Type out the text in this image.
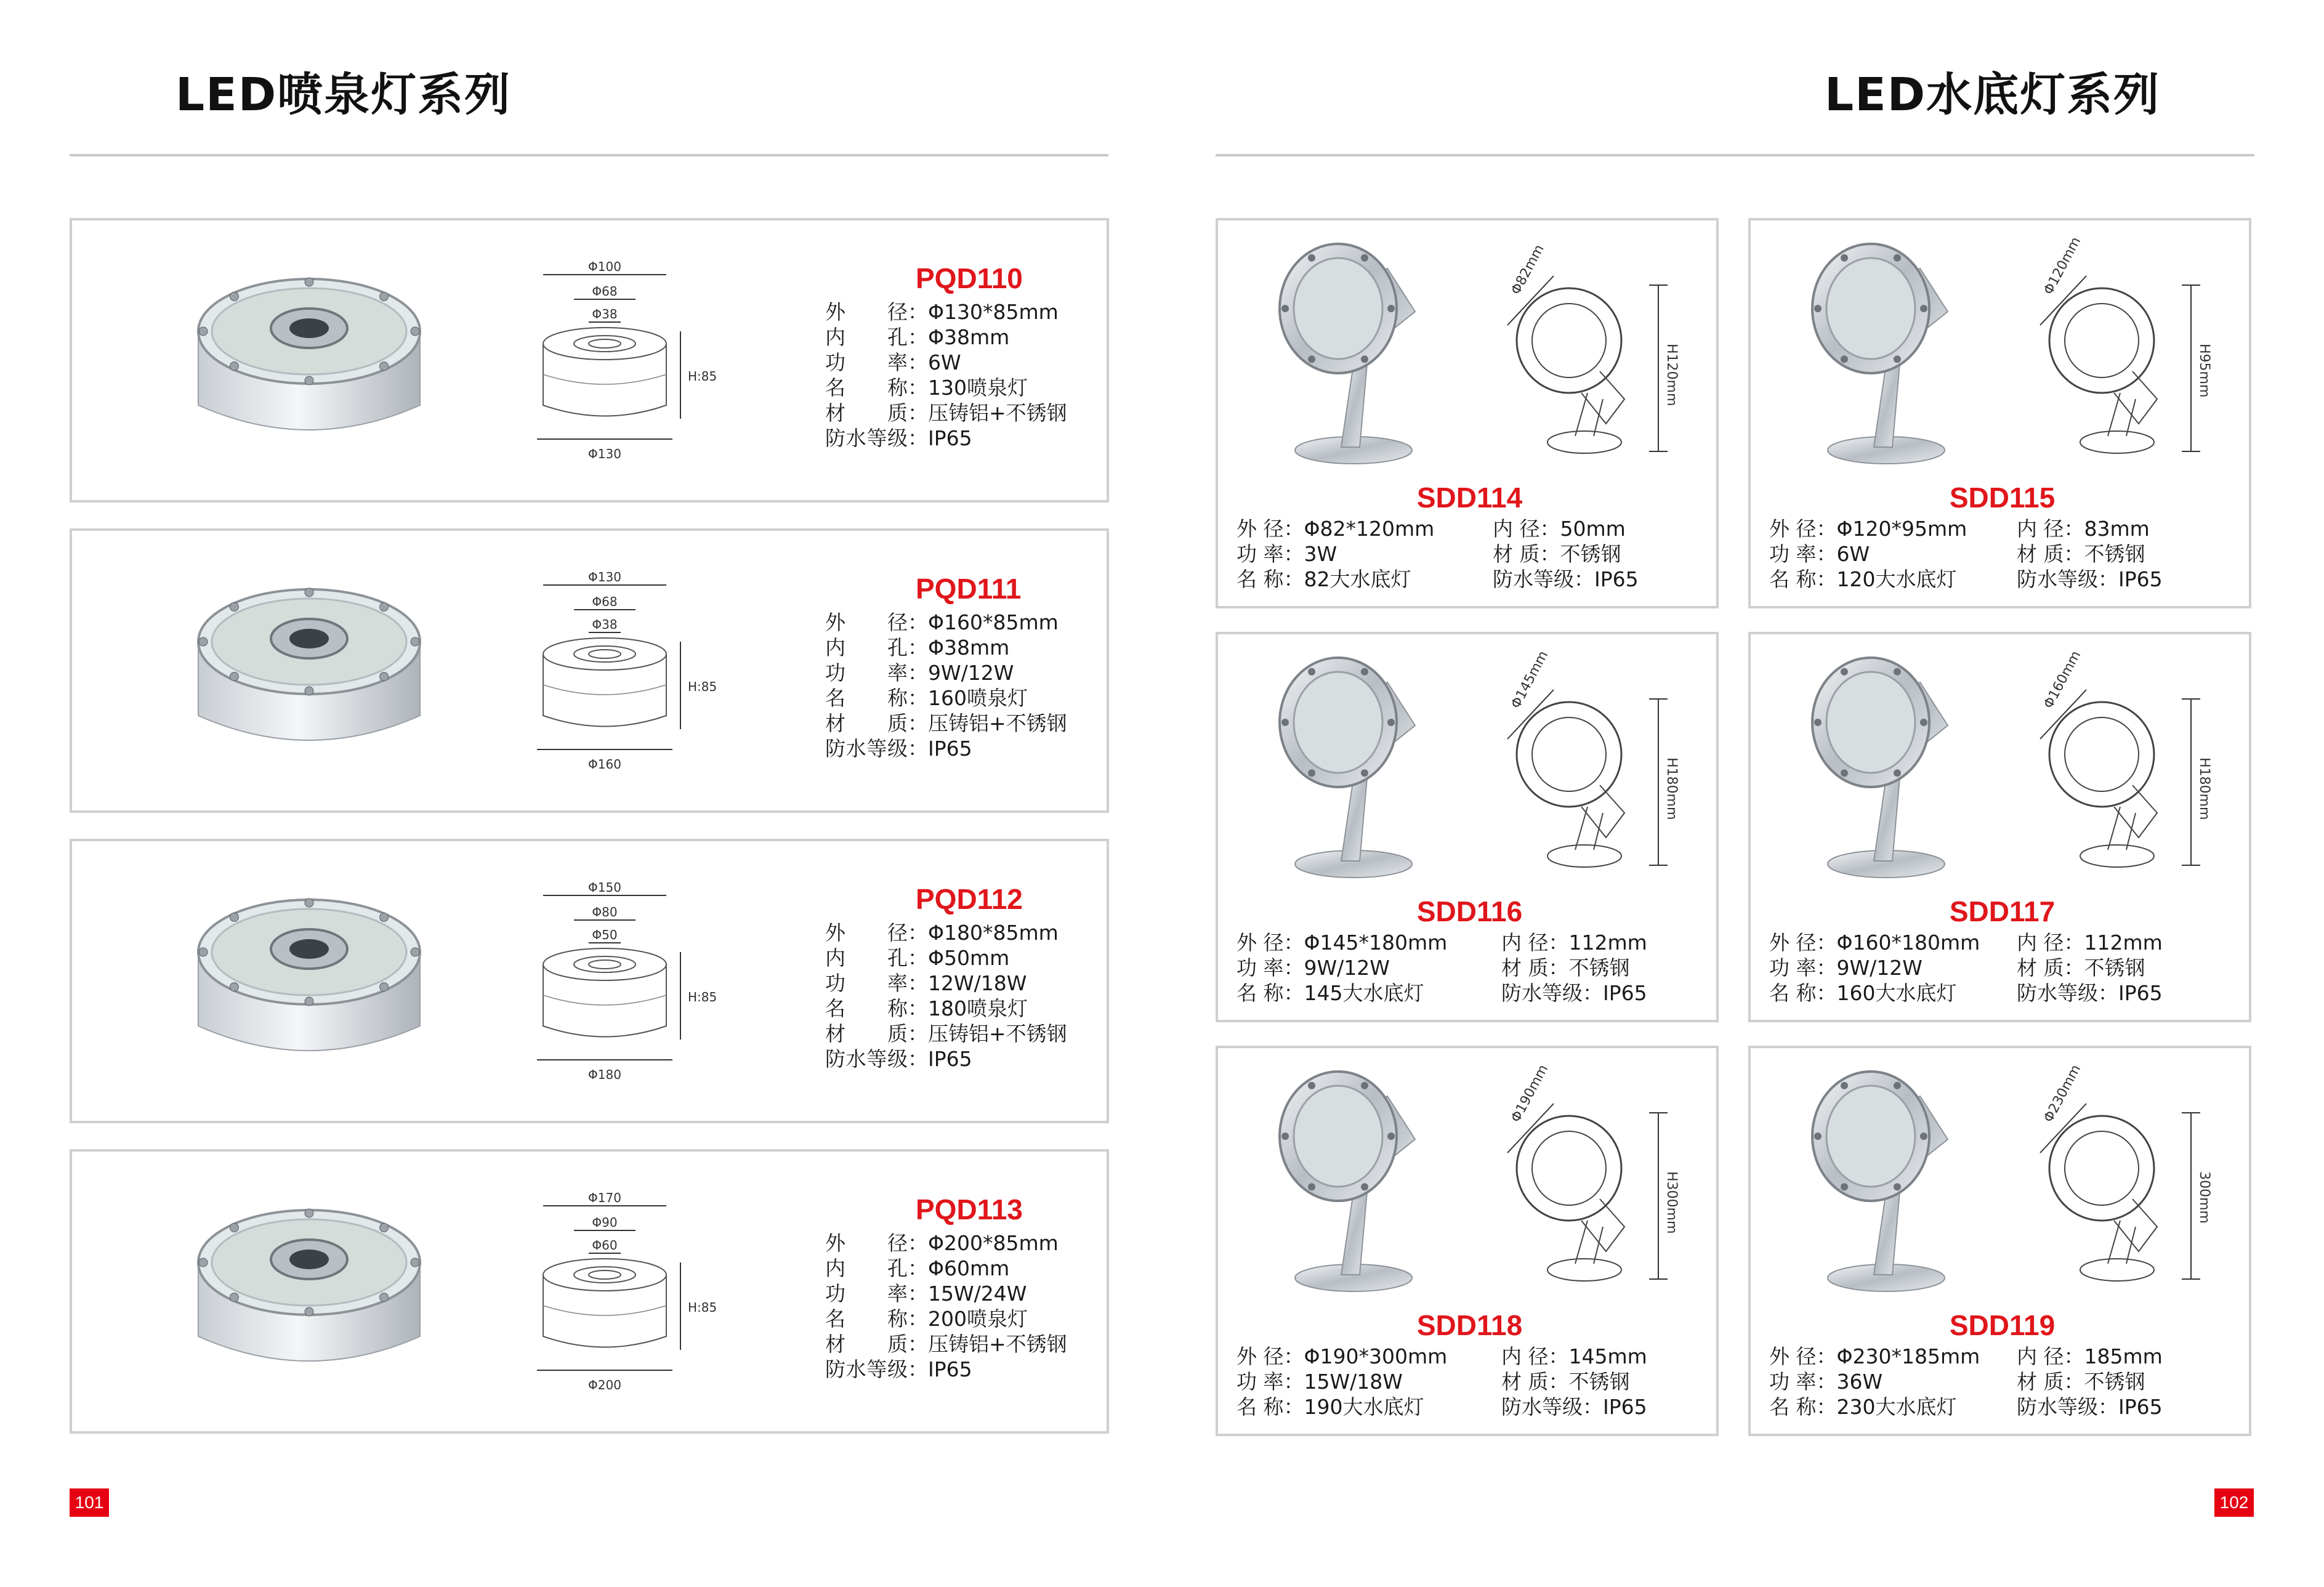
LED喷泉灯系列
Φ100
Φ68
Φ38
H:85
Φ130
PQD110
外　　径 ： Φ130*85mm
内　　孔 ： Φ38mm
功　　率 ： 6W
名　　称 ： 130喷泉灯
材　　质 ： 压铸铝+不锈钢
防水等级 ： IP65
Φ130
Φ68
Φ38
H:85
Φ160
PQD111
外　　径 ： Φ160*85mm
内　　孔 ： Φ38mm
功　　率 ： 9W/12W
名　　称 ： 160喷泉灯
材　　质 ： 压铸铝+不锈钢
防水等级 ： IP65
Φ150
Φ80
Φ50
H:85
Φ180
PQD112
外　　径 ： Φ180*85mm
内　　孔 ： Φ50mm
功　　率 ： 12W/18W
名　　称 ： 180喷泉灯
材　　质 ： 压铸铝+不锈钢
防水等级 ： IP65
Φ170
Φ90
Φ60
H:85
Φ200
PQD113
外　　径 ： Φ200*85mm
内　　孔 ： Φ60mm
功　　率 ： 15W/24W
名　　称 ： 200喷泉灯
材　　质 ： 压铸铝+不锈钢
防水等级 ： IP65
101
LED水底灯系列
Φ82mm
H120mm
SDD114
外 径 ： Φ82*120mm
功 率 ： 3W
名 称 ： 82大水底灯
内 径 ： 50mm
材 质 ： 不锈钢
防水等级 ： IP65
Φ120mm
H95mm
SDD115
外 径 ： Φ120*95mm
功 率 ： 6W
名 称 ： 120大水底灯
内 径 ： 83mm
材 质 ： 不锈钢
防水等级 ： IP65
Φ145mm
H180mm
SDD116
外 径 ： Φ145*180mm
功 率 ： 9W/12W
名 称 ： 145大水底灯
内 径 ： 112mm
材 质 ： 不锈钢
防水等级 ： IP65
Φ160mm
H180mm
SDD117
外 径 ： Φ160*180mm
功 率 ： 9W/12W
名 称 ： 160大水底灯
内 径 ： 112mm
材 质 ： 不锈钢
防水等级 ： IP65
Φ190mm
H300mm
SDD118
外 径 ： Φ190*300mm
功 率 ： 15W/18W
名 称 ： 190大水底灯
内 径 ： 145mm
材 质 ： 不锈钢
防水等级 ： IP65
Φ230mm
300mm
SDD119
外 径 ： Φ230*185mm
功 率 ： 36W
名 称 ： 230大水底灯
内 径 ： 185mm
材 质 ： 不锈钢
防水等级 ： IP65
102
